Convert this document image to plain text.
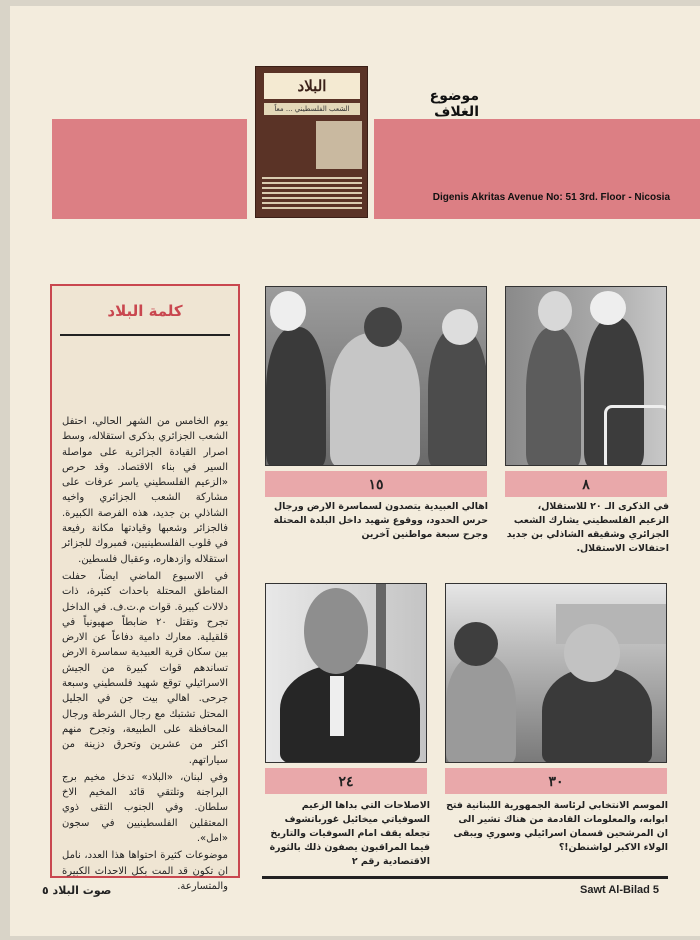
البلاد
الشعب الفلسطيني ... معاً
موضوع الغلاف
Digenis Akritas Avenue No: 51 3rd. Floor - Nicosia
كلمة البلاد

يوم الخامس من الشهر الحالي، احتفل الشعب الجزائري بذكرى استقلاله، وسط اصرار القيادة الجزائرية على مواصلة السير في بناء الاقتصاد. وقد حرص «الزعيم الفلسطيني ياسر عرفات على مشاركة الشعب الجزائري واخيه الشاذلي بن جديد، هذه الفرصة الكبيرة. فالجزائر وشعبها وقيادتها مكانة رفيعة في قلوب الفلسطينيين، فمبروك للجزائر استقلاله وازدهاره، وعقبال فلسطين.

في الاسبوع الماضي ايضاً، حفلت المناطق المحتلة باحداث كثيرة، ذات دلالات كبيرة. قوات م.ت.ف. في الداخل تجرح وتقتل ٢٠ ضابطاً صهيونياً في قلقيلية. معارك دامية دفاعاً عن الارض بين سكان قرية العبيدية سماسرة الارض تساندهم قوات كبيرة من الجيش الاسرائيلي توقع شهيد فلسطيني وسبعة جرحى. اهالي بيت جن في الجليل المحتل تشتبك مع رجال الشرطة ورجال المحافظة على الطبيعة، وتجرح منهم اكثر من عشرين وتحرق دزينة من سياراتهم.

وفي لبنان، «البلاد» تدخل مخيم برج البراجنة وتلتقي قائد المخيم الاخ سلطان. وفي الجنوب التقى ذوي المعتقلين الفلسطينيين في سجون «امل».

موضوعات كثيرة احتواها هذا العدد، نامل ان تكون قد المت بكل الاحداث الكبيرة والمتسارعة.

٨
١٥
في الذكرى الـ ٢٠ للاستقلال، الزعيم الفلسطيني يشارك الشعب الجزائري وشقيقه الشاذلي بن جديد احتفالات الاستقلال.
اهالي العبيدية يتصدون لسماسرة الارض ورجال حرس الحدود، ووقوع شهيد داخل البلدة المحتلة وجرح سبعة مواطنين آخرين
٣٠
٢٤
الموسم الانتخابي لرئاسة الجمهورية اللبنانية فتح ابوابه، والمعلومات القادمة من هناك تشير الى ان المرشحين قسمان اسرائيلي وسوري ويبقى الولاء الاكبر لواشنطن!؟
الاصلاحات التي بداها الزعيم السوفياتي ميخائيل غورباتشوف تجعله يقف امام السوفيات والتاريخ فيما المراقبون يصفون ذلك بالثورة الاقتصادية رقم ٢
صوت البلاد ٥	Sawt Al-Bilad 5
